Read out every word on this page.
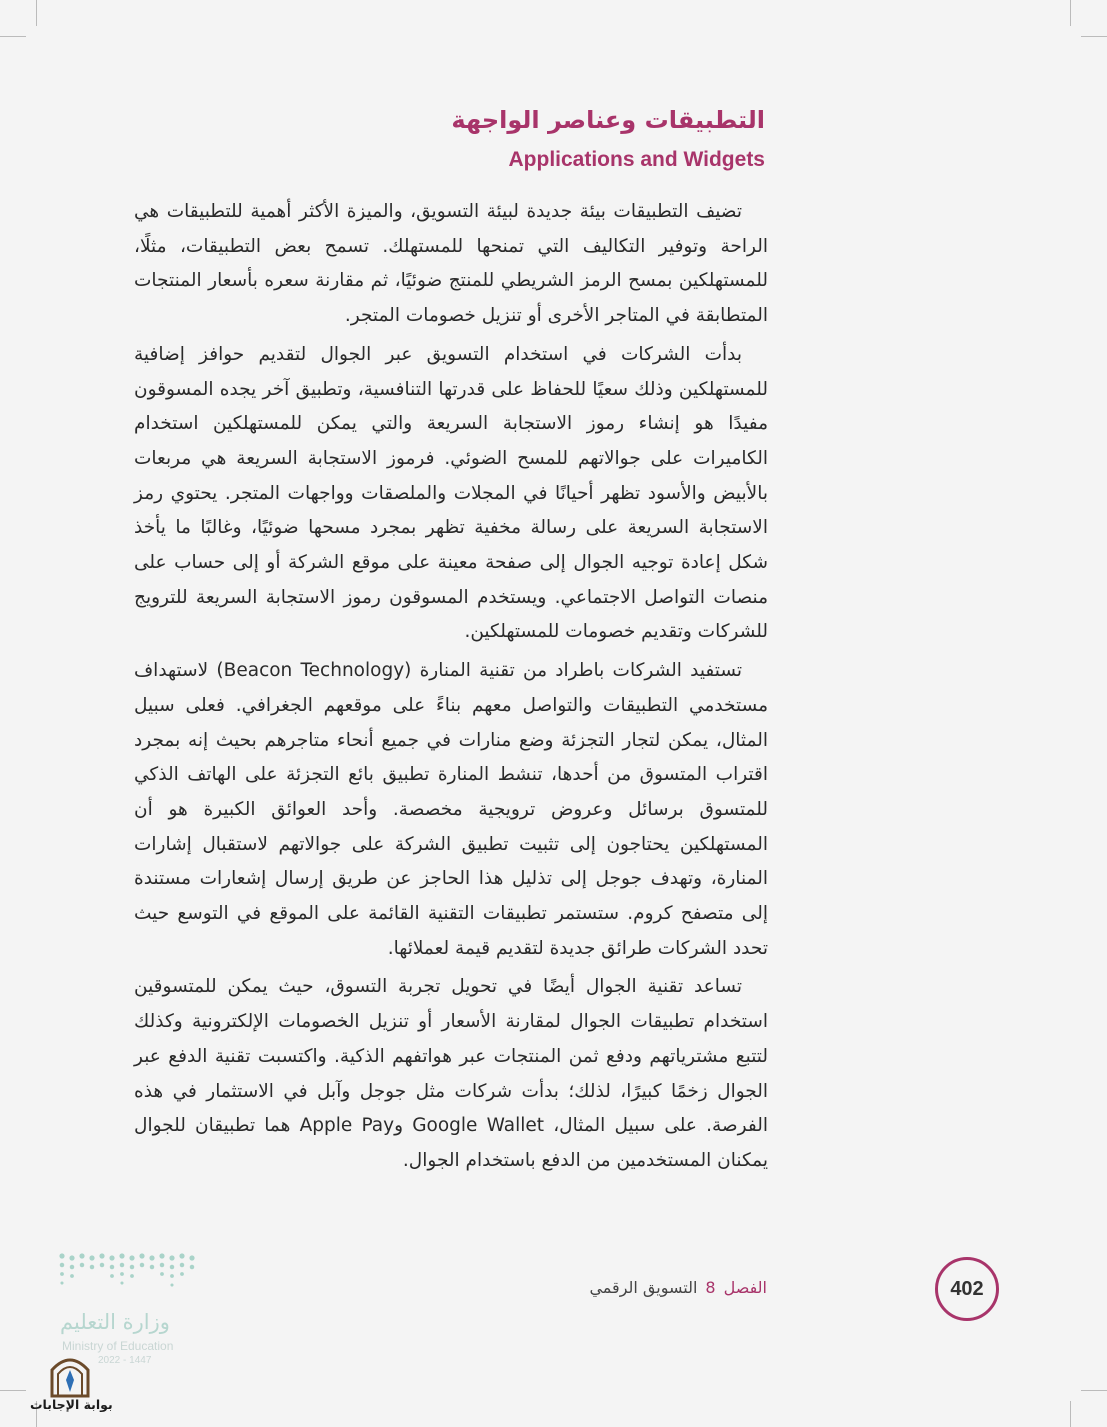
التطبيقات وعناصر الواجهة
Applications and Widgets

تضيف التطبيقات بيئة جديدة لبيئة التسويق، والميزة الأكثر أهمية للتطبيقات هي الراحة وتوفير التكاليف التي تمنحها للمستهلك. تسمح بعض التطبيقات، مثلًا، للمستهلكين بمسح الرمز الشريطي للمنتج ضوئيًا، ثم مقارنة سعره بأسعار المنتجات المتطابقة في المتاجر الأخرى أو تنزيل خصومات المتجر.

بدأت الشركات في استخدام التسويق عبر الجوال لتقديم حوافز إضافية للمستهلكين وذلك سعيًا للحفاظ على قدرتها التنافسية، وتطبيق آخر يجده المسوقون مفيدًا هو إنشاء رموز الاستجابة السريعة والتي يمكن للمستهلكين استخدام الكاميرات على جوالاتهم للمسح الضوئي. فرموز الاستجابة السريعة هي مربعات بالأبيض والأسود تظهر أحيانًا في المجلات والملصقات وواجهات المتجر. يحتوي رمز الاستجابة السريعة على رسالة مخفية تظهر بمجرد مسحها ضوئيًا، وغالبًا ما يأخذ شكل إعادة توجيه الجوال إلى صفحة معينة على موقع الشركة أو إلى حساب على منصات التواصل الاجتماعي. ويستخدم المسوقون رموز الاستجابة السريعة للترويج للشركات وتقديم خصومات للمستهلكين.

تستفيد الشركات باطراد من تقنية المنارة (Beacon Technology) لاستهداف مستخدمي التطبيقات والتواصل معهم بناءً على موقعهم الجغرافي. فعلى سبيل المثال، يمكن لتجار التجزئة وضع منارات في جميع أنحاء متاجرهم بحيث إنه بمجرد اقتراب المتسوق من أحدها، تنشط المنارة تطبيق بائع التجزئة على الهاتف الذكي للمتسوق برسائل وعروض ترويجية مخصصة. وأحد العوائق الكبيرة هو أن المستهلكين يحتاجون إلى تثبيت تطبيق الشركة على جوالاتهم لاستقبال إشارات المنارة، وتهدف جوجل إلى تذليل هذا الحاجز عن طريق إرسال إشعارات مستندة إلى متصفح كروم. ستستمر تطبيقات التقنية القائمة على الموقع في التوسع حيث تحدد الشركات طرائق جديدة لتقديم قيمة لعملائها.

تساعد تقنية الجوال أيضًا في تحويل تجربة التسوق، حيث يمكن للمتسوقين استخدام تطبيقات الجوال لمقارنة الأسعار أو تنزيل الخصومات الإلكترونية وكذلك لتتبع مشترياتهم ودفع ثمن المنتجات عبر هواتفهم الذكية. واكتسبت تقنية الدفع عبر الجوال زخمًا كبيرًا، لذلك؛ بدأت شركات مثل جوجل وآبل في الاستثمار في هذه الفرصة. على سبيل المثال، Google Wallet وApple Pay هما تطبيقان للجوال يمكنان المستخدمين من الدفع باستخدام الجوال.

402
الفصل8التسويق الرقمي
وزارة التعليم
Ministry of Education
2022 - 1447
بوابة الإجابات
